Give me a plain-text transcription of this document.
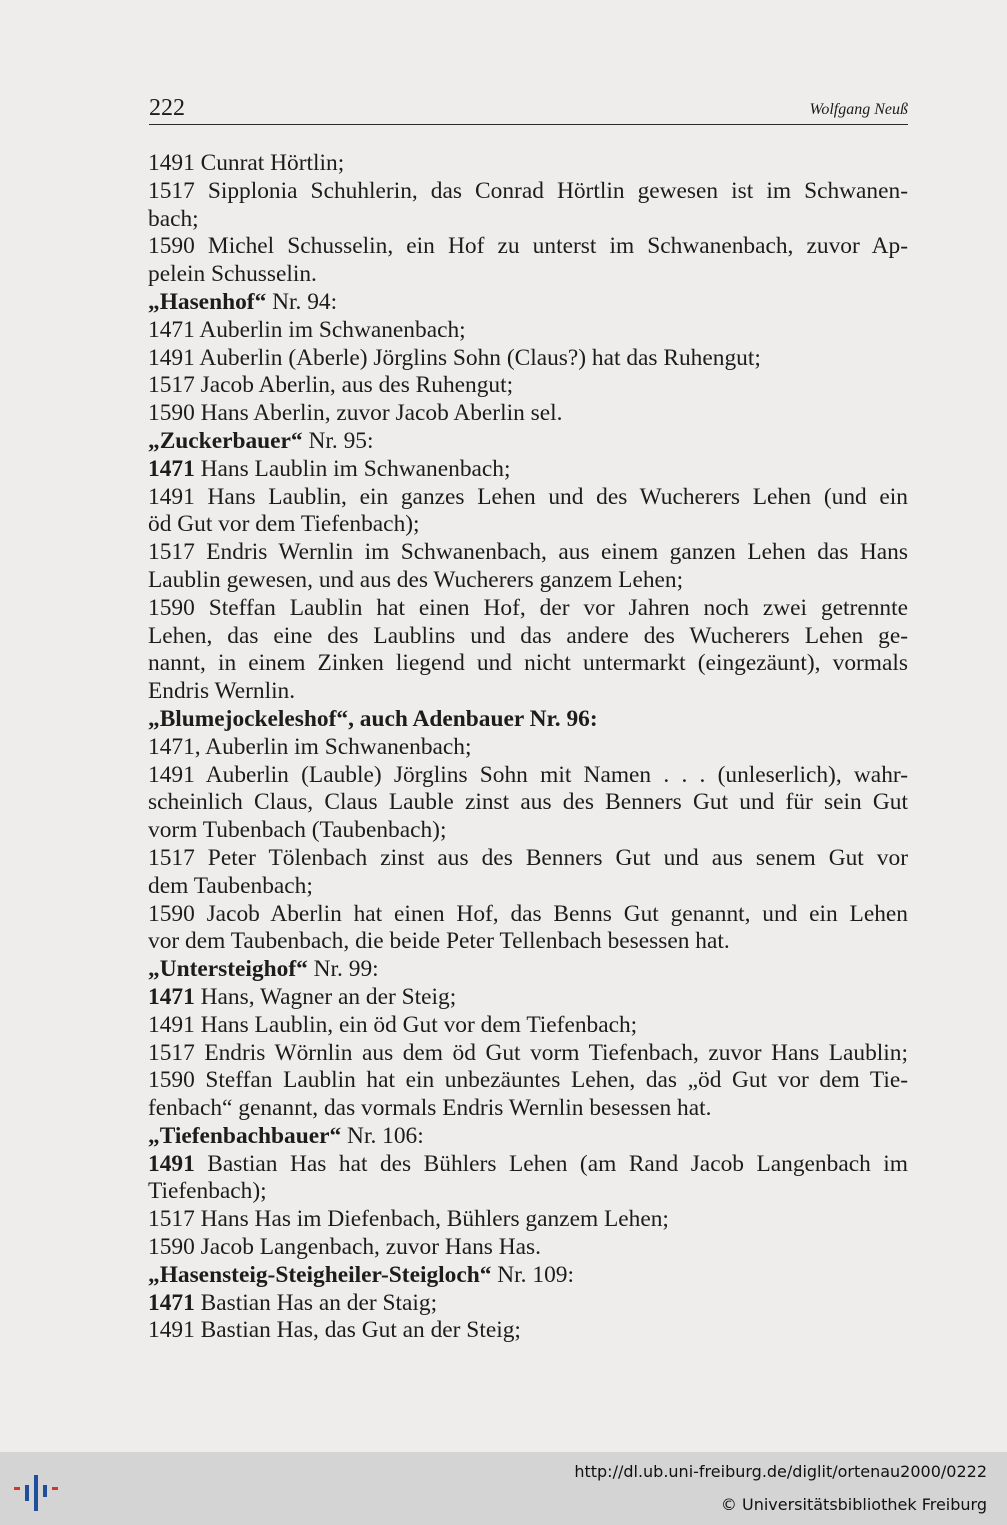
222	Wolfgang Neuß
1491 Cunrat Hörtlin;
1517 Sipplonia Schuhlerin, das Conrad Hörtlin gewesen ist im Schwanen-
bach;
1590 Michel Schusselin, ein Hof zu unterst im Schwanenbach, zuvor Ap-
pelein Schusselin.
„Hasenhof“ Nr. 94:
1471 Auberlin im Schwanenbach;
1491 Auberlin (Aberle) Jörglins Sohn (Claus?) hat das Ruhengut;
1517 Jacob Aberlin, aus des Ruhengut;
1590 Hans Aberlin, zuvor Jacob Aberlin sel.
„Zuckerbauer“ Nr. 95:
1471 Hans Laublin im Schwanenbach;
1491 Hans Laublin, ein ganzes Lehen und des Wucherers Lehen (und ein
öd Gut vor dem Tiefenbach);
1517 Endris Wernlin im Schwanenbach, aus einem ganzen Lehen das Hans
Laublin gewesen, und aus des Wucherers ganzem Lehen;
1590 Steffan Laublin hat einen Hof, der vor Jahren noch zwei getrennte
Lehen, das eine des Laublins und das andere des Wucherers Lehen ge-
nannt, in einem Zinken liegend und nicht untermarkt (eingezäunt), vormals
Endris Wernlin.
„Blumejockeleshof“, auch Adenbauer Nr. 96:
1471, Auberlin im Schwanenbach;
1491 Auberlin (Lauble) Jörglins Sohn mit Namen . . . (unleserlich), wahr-
scheinlich Claus, Claus Lauble zinst aus des Benners Gut und für sein Gut
vorm Tubenbach (Taubenbach);
1517 Peter Tölenbach zinst aus des Benners Gut und aus senem Gut vor
dem Taubenbach;
1590 Jacob Aberlin hat einen Hof, das Benns Gut genannt, und ein Lehen
vor dem Taubenbach, die beide Peter Tellenbach besessen hat.
„Untersteighof“ Nr. 99:
1471 Hans, Wagner an der Steig;
1491 Hans Laublin, ein öd Gut vor dem Tiefenbach;
1517 Endris Wörnlin aus dem öd Gut vorm Tiefenbach, zuvor Hans Laublin;
1590 Steffan Laublin hat ein unbezäuntes Lehen, das „öd Gut vor dem Tie-
fenbach“ genannt, das vormals Endris Wernlin besessen hat.
„Tiefenbachbauer“ Nr. 106:
1491 Bastian Has hat des Bühlers Lehen (am Rand Jacob Langenbach im
Tiefenbach);
1517 Hans Has im Diefenbach, Bühlers ganzem Lehen;
1590 Jacob Langenbach, zuvor Hans Has.
„Hasensteig-Steigheiler-Steigloch“ Nr. 109:
1471 Bastian Has an der Staig;
1491 Bastian Has, das Gut an der Steig;
http://dl.ub.uni-freiburg.de/diglit/ortenau2000/0222
© Universitätsbibliothek Freiburg
